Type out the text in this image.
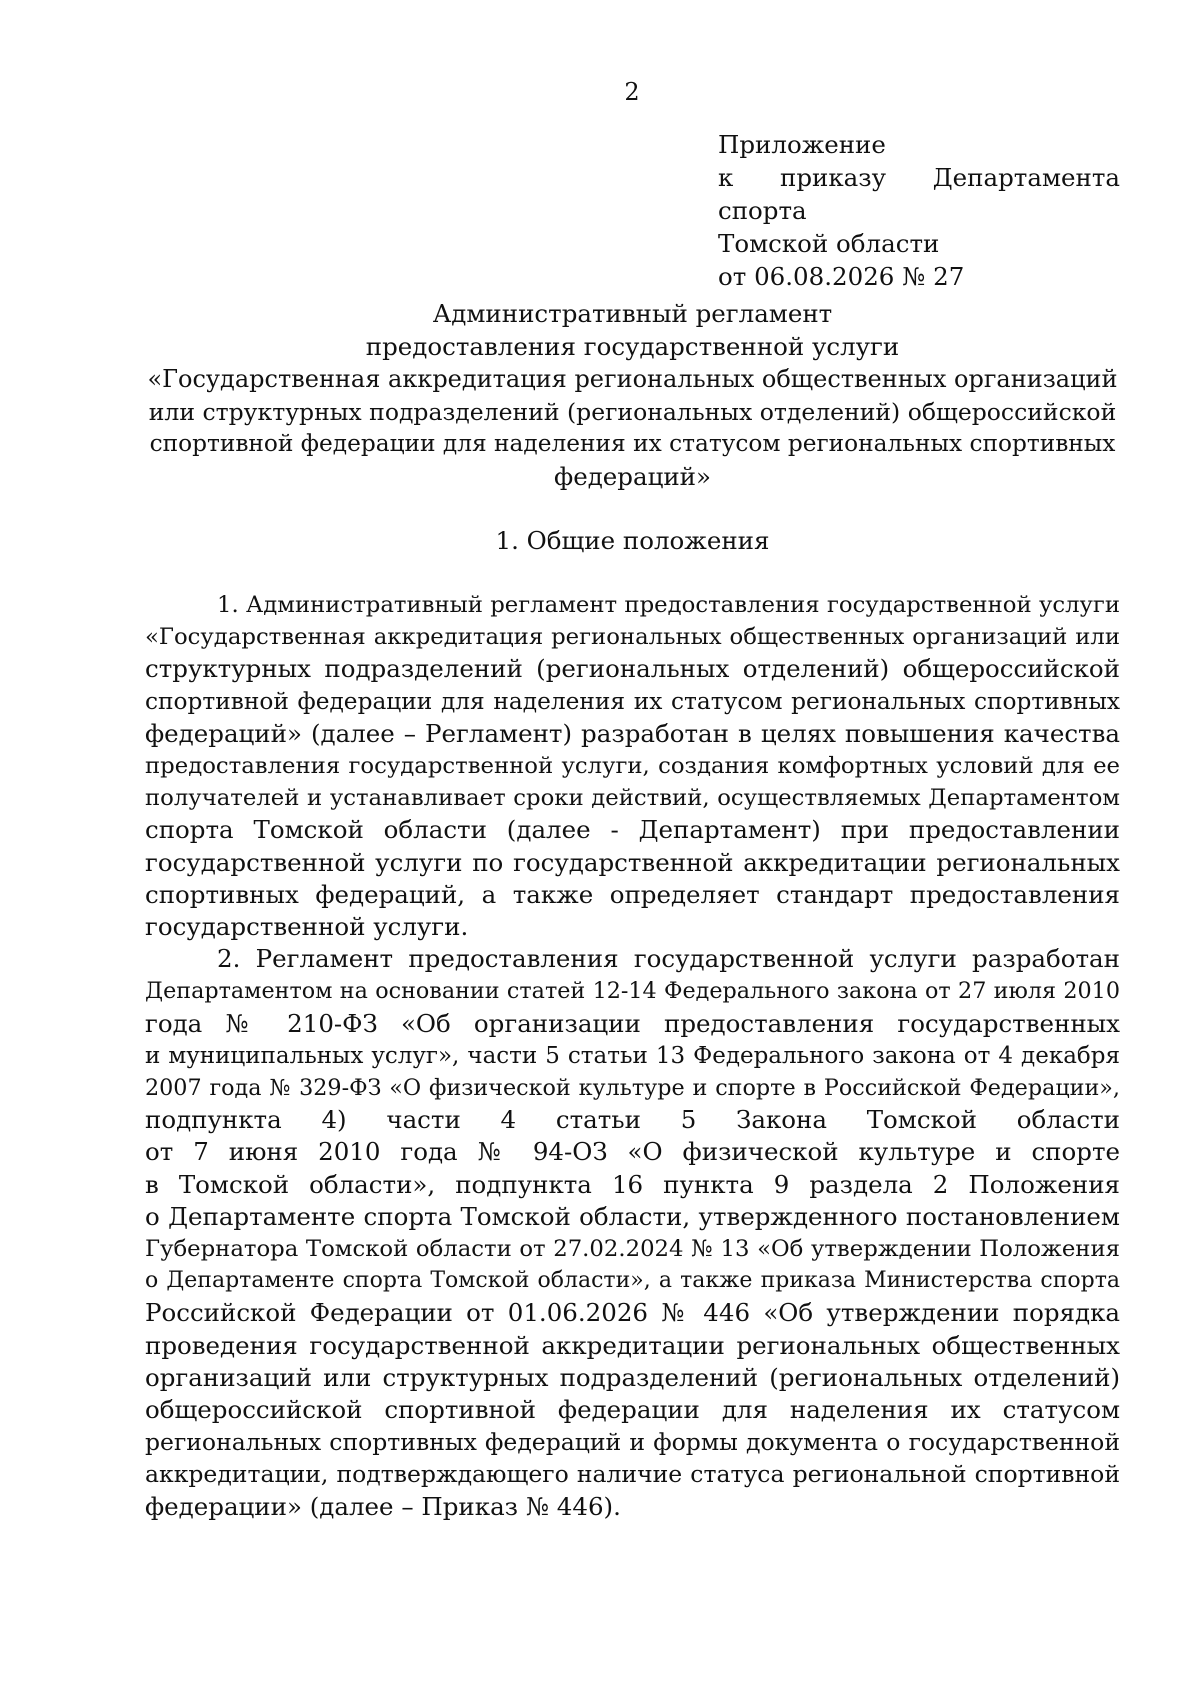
2
Приложение
к приказу Департамента спорта
Томской области
от 06.08.2026 № 27
Административный регламент
предоставления государственной услуги
«Государственная аккредитация региональных общественных организаций
или структурных подразделений (региональных отделений) общероссийской
спортивной федерации для наделения их статусом региональных спортивных
федераций»
1. Общие положения
1. Административный регламент предоставления государственной услуги
«Государственная аккредитация региональных общественных организаций или
структурных подразделений (региональных отделений) общероссийской
спортивной федерации для наделения их статусом региональных спортивных
федераций» (далее – Регламент) разработан в целях повышения качества
предоставления государственной услуги, создания комфортных условий для ее
получателей и устанавливает сроки действий, осуществляемых Департаментом
спорта Томской области (далее - Департамент) при предоставлении
государственной услуги по государственной аккредитации региональных
спортивных федераций, а также определяет стандарт предоставления
государственной услуги.
2. Регламент предоставления государственной услуги разработан
Департаментом на основании статей 12-14 Федерального закона от 27 июля 2010
года № 210-ФЗ «Об организации предоставления государственных
и муниципальных услуг», части 5 статьи 13 Федерального закона от 4 декабря
2007 года № 329-ФЗ «О физической культуре и спорте в Российской Федерации»,
подпункта 4) части 4 статьи 5 Закона Томской области
от 7 июня 2010 года № 94-ОЗ «О физической культуре и спорте
в Томской области», подпункта 16 пункта 9 раздела 2 Положения
о Департаменте спорта Томской области, утвержденного постановлением
Губернатора Томской области от 27.02.2024 № 13 «Об утверждении Положения
о Департаменте спорта Томской области», а также приказа Министерства спорта
Российской Федерации от 01.06.2026 № 446 «Об утверждении порядка
проведения государственной аккредитации региональных общественных
организаций или структурных подразделений (региональных отделений)
общероссийской спортивной федерации для наделения их статусом
региональных спортивных федераций и формы документа о государственной
аккредитации, подтверждающего наличие статуса региональной спортивной
федерации» (далее – Приказ № 446).
